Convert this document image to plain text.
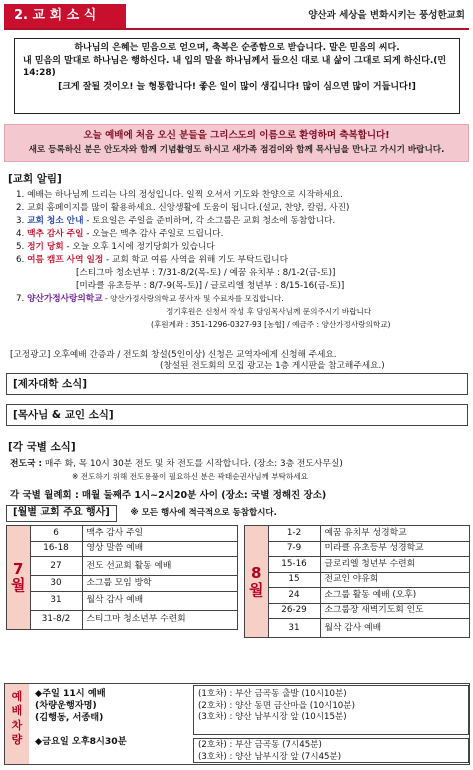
2. 교 회 소 식	양산과 세상을 변화시키는 풍성한교회

하나님의 은혜는 믿음으로 얻으며, 축복은 순종함으로 받습니다. 말은 믿음의 씨다.

내 믿음의 말대로 하나님은 행하신다. 내 입의 말을 하나님께서 들으신 대로 내 삶이 그대로 되게 하신다.(민 14:28)

[크게 잘될 것이오! 늘 형통합니다! 좋은 일이 많이 생깁니다! 많이 심으면 많이 거둡니다!]

오늘 예배에 처음 오신 분들을 그리스도의 이름으로 환영하며 축복합니다!
새로 등록하신 분은 안도자와 함께 기념촬영도 하시고 새가족 점검이와 함께 목사님을 만나고 가시기 바랍니다.
[교회 알림]
1. 예배는 하나님께 드리는 나의 정성입니다. 일찍 오셔서 기도와 찬양으로 시작하세요.
2. 교회 홈페이지를 많이 활용하세요. 신앙생활에 도움이 됩니다.(설교, 찬양, 칼럼, 사진)
3. 교회 청소 안내 - 토요일은 주일을 준비하며, 각 소그룹은 교회 청소에 동참합니다.
4. 맥추 감사 주일 - 오늘은 맥추 감사 주일로 드립니다.
5. 정기 당회 - 오늘 오후 1시에 정기당회가 있습니다
6. 여름 캠프 사역 일정 - 교회 학교 여름 사역을 위해 기도 부탁드립니다
[스티그마 청소년부 : 7/31-8/2(목-토) / 예꿈 유치부 : 8/1-2(금-토)]
[미라클 유초등부 : 8/7-9(목-토)] / 글로리엘 청년부 : 8/15-16(금-토)]
7. 양산가정사랑의학교 - 양산가정사랑의학교 봉사자 및 수료자를 모집합니다.
정기후원은 신청서 작성 후 담임목사님께 문의주시기 바랍니다
(후원계좌 : 351-1296-0327-93 [농협] / 예금주 : 양산가정사랑의학교)
[고정광고] 오후예배 간증과 / 전도회 창설(5인이상) 신청은 교역자에게 신청해 주세요.
(창설된 전도회의 모집 광고는 1층 게시판을 참고해주세요.)
[제자대학 소식]
[목사님 & 교인 소식]
[각 국별 소식]
전도국 : 매주 화, 목 10시 30분 전도 및 차 전도를 시작합니다. (장소: 3층 전도사무실)
※ 전도하기 위해 전도용품이 필요하신 분은 곽태순권사님께 부탁하세요
각 국별 월례회 : 매월 둘째주 1시~2시20분 사이 (장소: 국별 정해진 장소)
[월별 교회 주요 행사] ※ 모든 행사에 적극적으로 동참합시다.
7
월	6	맥추 감사 주일
	16-18	영상 말씀 예배
	27	전도 선교회 활동 예배
	30	소그룹 모임 방학
	31	월삭 감사 예배
	31-8/2	스티그마 청소년부 수련회
8
월	1-2	예꿈 유치부 성경학교
	7-9	미라클 유초등부 성경학교
	15-16	글로리엘 청년부 수련회
	15	전교인 야유회
	24	소그룹 활동 예배 (오후)
	26-29	소그룹장 새벽기도회 인도
	31	월삭 감사 예배
예
배
차
량

◆주일 11시 예배

(차량운행자명)

(김행동, 서종태)

◆금요일 오후8시30분

(1호차) : 부산 금곡동 출발 (10시10분)
(2호차) : 양산 동면 금산마을 (10시10분)
(3호차) : 양산 남부시장 앞 (10시15분)
(2호차) : 부산 금곡동 (7시45분)
(3호차) : 양산 남부시장 앞 (7시45분)
